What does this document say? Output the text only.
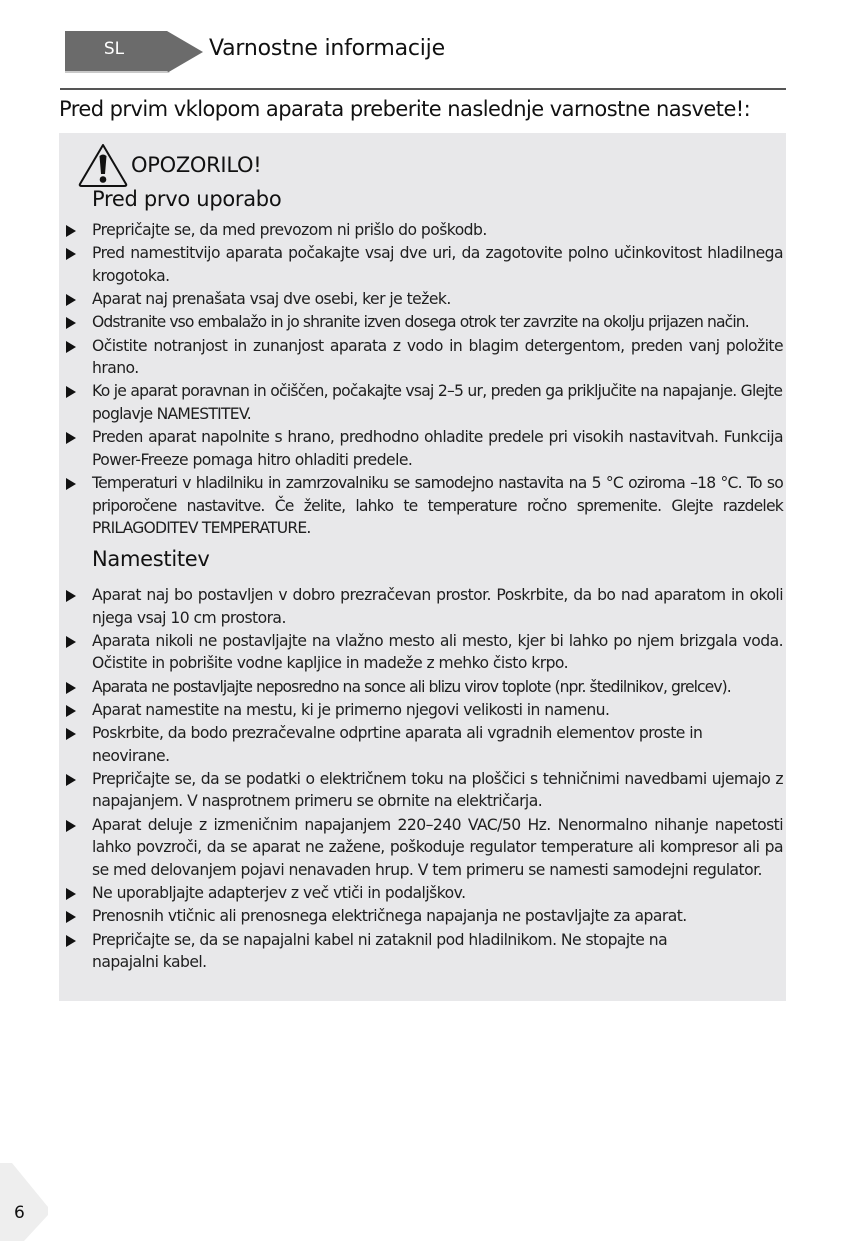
SL	Varnostne informacije
Pred prvim vklopom aparata preberite naslednje varnostne nasvete!:
OPOZORILO!
Pred prvo uporabo
Prepričajte se, da med prevozom ni prišlo do poškodb.
Pred namestitvijo aparata počakajte vsaj dve uri, da zagotovite polno učinkovitost hladilnega krogotoka.
Aparat naj prenašata vsaj dve osebi, ker je težek.
Odstranite vso embalažo in jo shranite izven dosega otrok ter zavrzite na okolju prijazen način.
Očistite notranjost in zunanjost aparata z vodo in blagim detergentom, preden vanj položite hrano.
Ko je aparat poravnan in očiščen, počakajte vsaj 2–5 ur, preden ga priključite na napajanje. Glejte poglavje NAMESTITEV.
Preden aparat napolnite s hrano, predhodno ohladite predele pri visokih nastavitvah. Funkcija Power-Freeze pomaga hitro ohladiti predele.
Temperaturi v hladilniku in zamrzovalniku se samodejno nastavita na 5 °C oziroma –18 °C. To so priporočene nastavitve. Če želite, lahko te temperature ročno spremenite. Glejte razdelek PRILAGODITEV TEMPERATURE.
Namestitev
Aparat naj bo postavljen v dobro prezračevan prostor. Poskrbite, da bo nad aparatom in okoli njega vsaj 10 cm prostora.
Aparata nikoli ne postavljajte na vlažno mesto ali mesto, kjer bi lahko po njem brizgala voda. Očistite in pobrišite vodne kapljice in madeže z mehko čisto krpo.
Aparata ne postavljajte neposredno na sonce ali blizu virov toplote (npr. štedilnikov, grelcev).
Aparat namestite na mestu, ki je primerno njegovi velikosti in namenu.
Poskrbite, da bodo prezračevalne odprtine aparata ali vgradnih elementov proste in neovirane.
Prepričajte se, da se podatki o električnem toku na ploščici s tehničnimi navedbami ujemajo z napajanjem. V nasprotnem primeru se obrnite na električarja.
Aparat deluje z izmeničnim napajanjem 220–240 VAC/50 Hz. Nenormalno nihanje napetosti lahko povzroči, da se aparat ne zažene, poškoduje regulator temperature ali kompresor ali pa se med delovanjem pojavi nenavaden hrup. V tem primeru se namesti samodejni regulator.
Ne uporabljajte adapterjev z več vtiči in podaljškov.
Prenosnih vtičnic ali prenosnega električnega napajanja ne postavljajte za aparat.
Prepričajte se, da se napajalni kabel ni zataknil pod hladilnikom. Ne stopajte na napajalni kabel.
6
